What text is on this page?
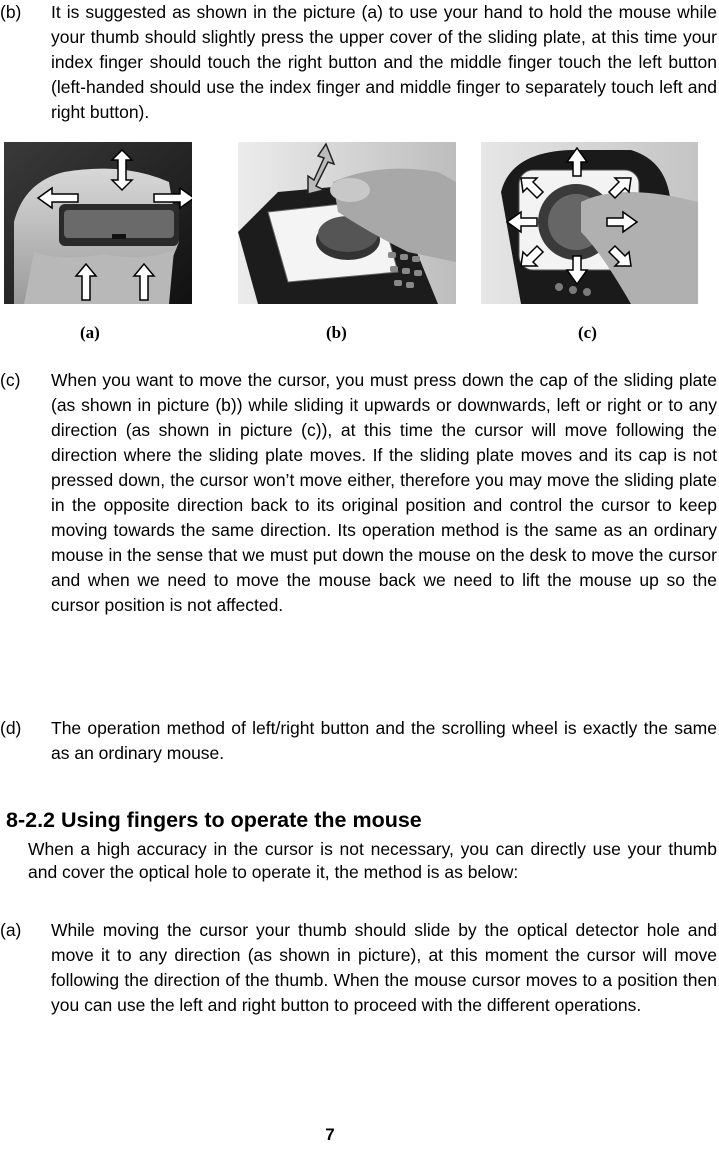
(b)	It is suggested as shown in the picture (a) to use your hand to hold the mouse while your thumb should slightly press the upper cover of the sliding plate, at this time your index finger should touch the right button and the middle finger touch the left button (left-handed should use the index finger and middle finger to separately touch left and right button).
(a)	(b)	(c)
(c)	When you want to move the cursor, you must press down the cap of the sliding plate (as shown in picture (b)) while sliding it upwards or downwards, left or right or to any direction (as shown in picture (c)), at this time the cursor will move following the direction where the sliding plate moves. If the sliding plate moves and its cap is not pressed down, the cursor won’t move either, therefore you may move the sliding plate in the opposite direction back to its original position and control the cursor to keep moving towards the same direction. Its operation method is the same as an ordinary mouse in the sense that we must put down the mouse on the desk to move the cursor and when we need to move the mouse back we need to lift the mouse up so the cursor position is not affected.
(d)	The operation method of left/right button and the scrolling wheel is exactly the same as an ordinary mouse.
8-2.2 Using fingers to operate the mouse
When a high accuracy in the cursor is not necessary, you can directly use your thumb and cover the optical hole to operate it, the method is as below:
(a)	While moving the cursor your thumb should slide by the optical detector hole and move it to any direction (as shown in picture), at this moment the cursor will move following the direction of the thumb. When the mouse cursor moves to a position then you can use the left and right button to proceed with the different operations.
7
